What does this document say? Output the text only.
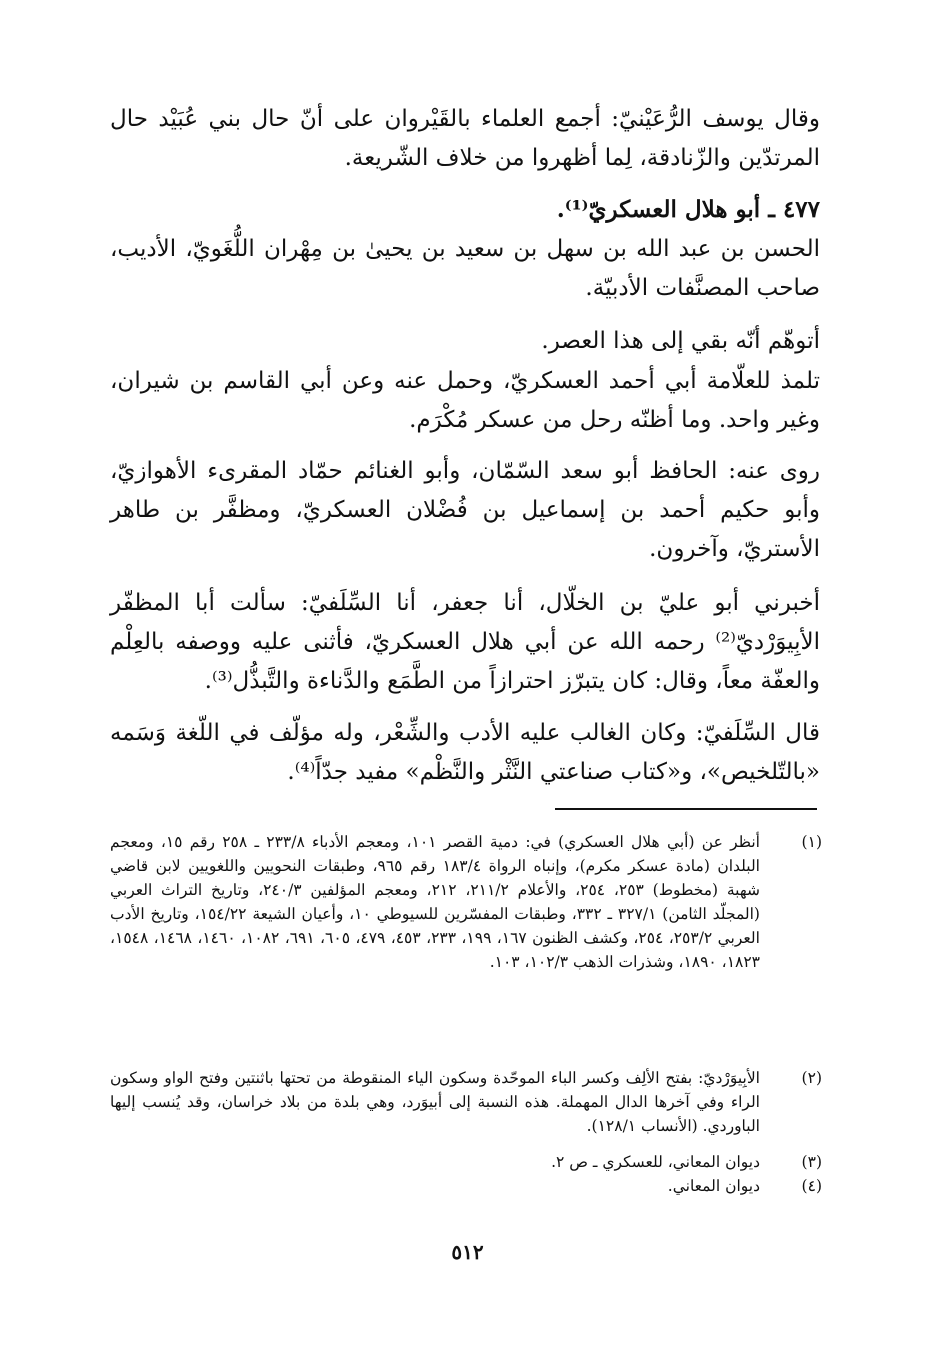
وقال يوسف الرُّعَيْنيّ: أجمع العلماء بالقَيْروان على أنّ حال بني عُبَيْد حال المرتدّين والزّنادقة، لِما أظهروا من خلاف الشّريعة.
٤٧٧ ـ أبو هلال العسكريّ⁽¹⁾.
الحسن بن عبد الله بن سهل بن سعيد بن يحيىٰ بن مِهْران اللُّغَويّ، الأديب، صاحب المصنَّفات الأدبيّة.
أتوهّم أنّه بقي إلى هذا العصر.
تلمذ للعلّامة أبي أحمد العسكريّ، وحمل عنه وعن أبي القاسم بن شيران، وغير واحد. وما أظنّه رحل من عسكر مُكْرَم.
روى عنه: الحافظ أبو سعد السّمّان، وأبو الغنائم حمّاد المقرىء الأهوازيّ، وأبو حكيم أحمد بن إسماعيل بن فُضْلان العسكريّ، ومظفَّر بن طاهر الأستريّ، وآخرون.
أخبرني أبو عليّ بن الخلّال، أنا جعفر، أنا السِّلَفيّ: سألت أبا المظفّر الأبِيوَرْديّ⁽²⁾ رحمه الله عن أبي هلال العسكريّ، فأثنى عليه ووصفه بالعِلْم والعفّة معاً، وقال: كان يتبرّز احترازاً من الطَّمَع والدَّناءة والتَّبذُّل⁽³⁾.
قال السِّلَفيّ: وكان الغالب عليه الأدب والشِّعْر، وله مؤلّف في اللّغة وَسَمه «بالتّلخيص»، و«كتاب صناعتي النَّثْر والنَّظْم» مفيد جدّاً⁽⁴⁾.
(١)
أنظر عن (أبي هلال العسكري) في: دمية القصر ١٠١، ومعجم الأدباء ٢٣٣/٨ ـ ٢٥٨ رقم ١٥، ومعجم البلدان (مادة عسكر مكرم)، وإنباه الرواة ١٨٣/٤ رقم ٩٦٥، وطبقات النحويين واللغويين لابن قاضي شهبة (مخطوط) ٢٥٣، ٢٥٤، والأعلام ٢١١/٢، ٢١٢، ومعجم المؤلفين ٢٤٠/٣، وتاريخ التراث العربي (المجلّد الثامن) ٣٢٧/١ ـ ٣٣٢، وطبقات المفسّرين للسيوطي ١٠، وأعيان الشيعة ١٥٤/٢٢، وتاريخ الأدب العربي ٢٥٣/٢، ٢٥٤، وكشف الظنون ١٦٧، ١٩٩، ٢٣٣، ٤٥٣، ٤٧٩، ٦٠٥، ٦٩١، ١٠٨٢، ١٤٦٠، ١٤٦٨، ١٥٤٨، ١٨٢٣، ١٨٩٠، وشذرات الذهب ١٠٢/٣، ١٠٣.
(٢)
الأبِيوَرْديّ: بفتح الألِف وكسر الباء الموحّدة وسكون الياء المنقوطة من تحتها باثنتين وفتح الواو وسكون الراء وفي آخرها الدال المهملة. هذه النسبة إلى أبيوَرد، وهي بلدة من بلاد خراسان، وقد يُنسب إليها الباوردي. (الأنساب ١٢٨/١).
(٣)
ديوان المعاني، للعسكري ـ ص ٢.
(٤)
ديوان المعاني.
٥١٢
